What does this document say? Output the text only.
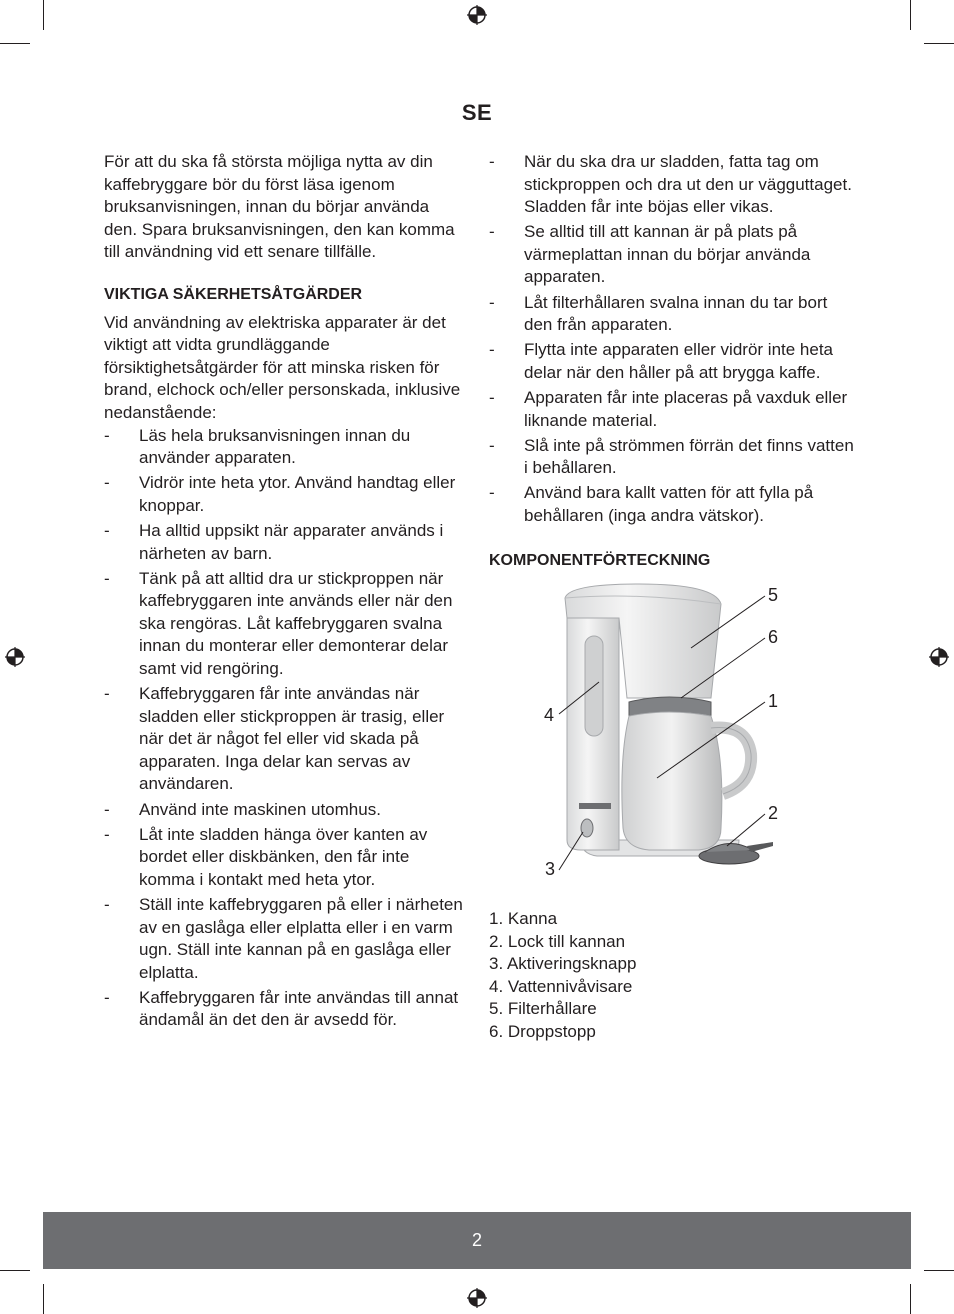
SE

För att du ska få största möjliga nytta av din kaffebryggare bör du först läsa igenom bruksanvisningen, innan du börjar använda den. Spara bruksanvisningen, den kan komma till användning vid ett senare tillfälle.

VIKTIGA SÄKERHETSÅTGÄRDER

Vid användning av elektriska apparater är det viktigt att vidta grundläggande försiktighetsåtgärder för att minska risken för brand, elchock och/eller personskada, inklusive nedanstående:

- Läs hela bruksanvisningen innan du använder apparaten.
- Vidrör inte heta ytor. Använd handtag eller knoppar.
- Ha alltid uppsikt när apparater används i närheten av barn.
- Tänk på att alltid dra ur stickproppen när kaffebryggaren inte används eller när den ska rengöras. Låt kaffebryggaren svalna innan du monterar eller demonterar delar samt vid rengöring.
- Kaffebryggaren får inte användas när sladden eller stickproppen är trasig, eller när det är något fel eller vid skada på apparaten. Inga delar kan servas av användaren.
- Använd inte maskinen utomhus.
- Låt inte sladden hänga över kanten av bordet eller diskbänken, den får inte komma i kontakt med heta ytor.
- Ställ inte kaffebryggaren på eller i närheten av en gaslåga eller elplatta eller i en varm ugn. Ställ inte kannan på en gaslåga eller elplatta.
- Kaffebryggaren får inte användas till annat ändamål än det den är avsedd för.
- När du ska dra ur sladden, fatta tag om stickproppen och dra ut den ur vägguttaget. Sladden får inte böjas eller vikas.
- Se alltid till att kannan är på plats på värmeplattan innan du börjar använda apparaten.
- Låt filterhållaren svalna innan du tar bort den från apparaten.
- Flytta inte apparaten eller vidrör inte heta delar när den håller på att brygga kaffe.
- Apparaten får inte placeras på vaxduk eller liknande material.
- Slå inte på strömmen förrän det finns vatten i behållaren.
- Använd bara kallt vatten för att fylla på behållaren (inga andra vätskor).

KOMPONENTFÖRTECKNING

5
6
1
4
2
3
1. Kanna
2. Lock till kannan
3. Aktiveringsknapp
4. Vattennivåvisare
5. Filterhållare
6. Droppstopp
2
